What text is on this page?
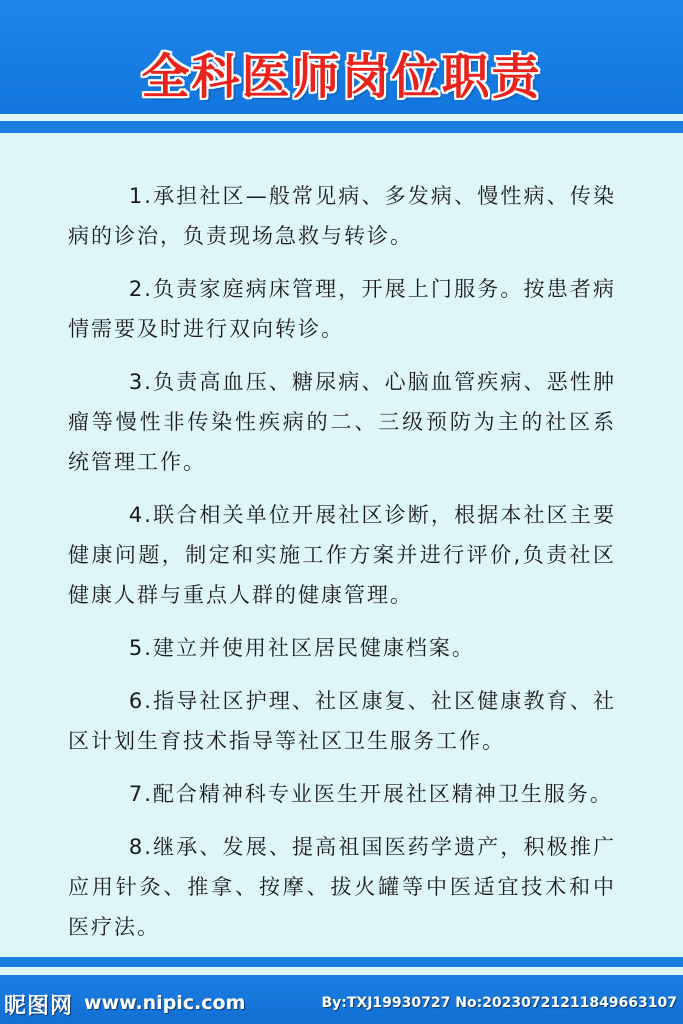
全科医师岗位职责

1.承担社区—般常见病、多发病、慢性病、传染病的诊治，负责现场急救与转诊。

2.负责家庭病床管理，开展上门服务。按患者病情需要及时进行双向转诊。

3.负责高血压、糖尿病、心脑血管疾病、恶性肿瘤等慢性非传染性疾病的二、三级预防为主的社区系统管理工作。

4.联合相关单位开展社区诊断，根据本社区主要健康问题，制定和实施工作方案并进行评价,负责社区健康人群与重点人群的健康管理。

5.建立并使用社区居民健康档案。

6.指导社区护理、社区康复、社区健康教育、社区计划生育技术指导等社区卫生服务工作。

7.配合精神科专业医生开展社区精神卫生服务。

8.继承、发展、提高祖国医药学遗产，积极推广应用针灸、推拿、按摩、拔火罐等中医适宜技术和中医疗法。

昵图网 www.nipic.com	By:TXJ19930727 No:20230721211849663107
